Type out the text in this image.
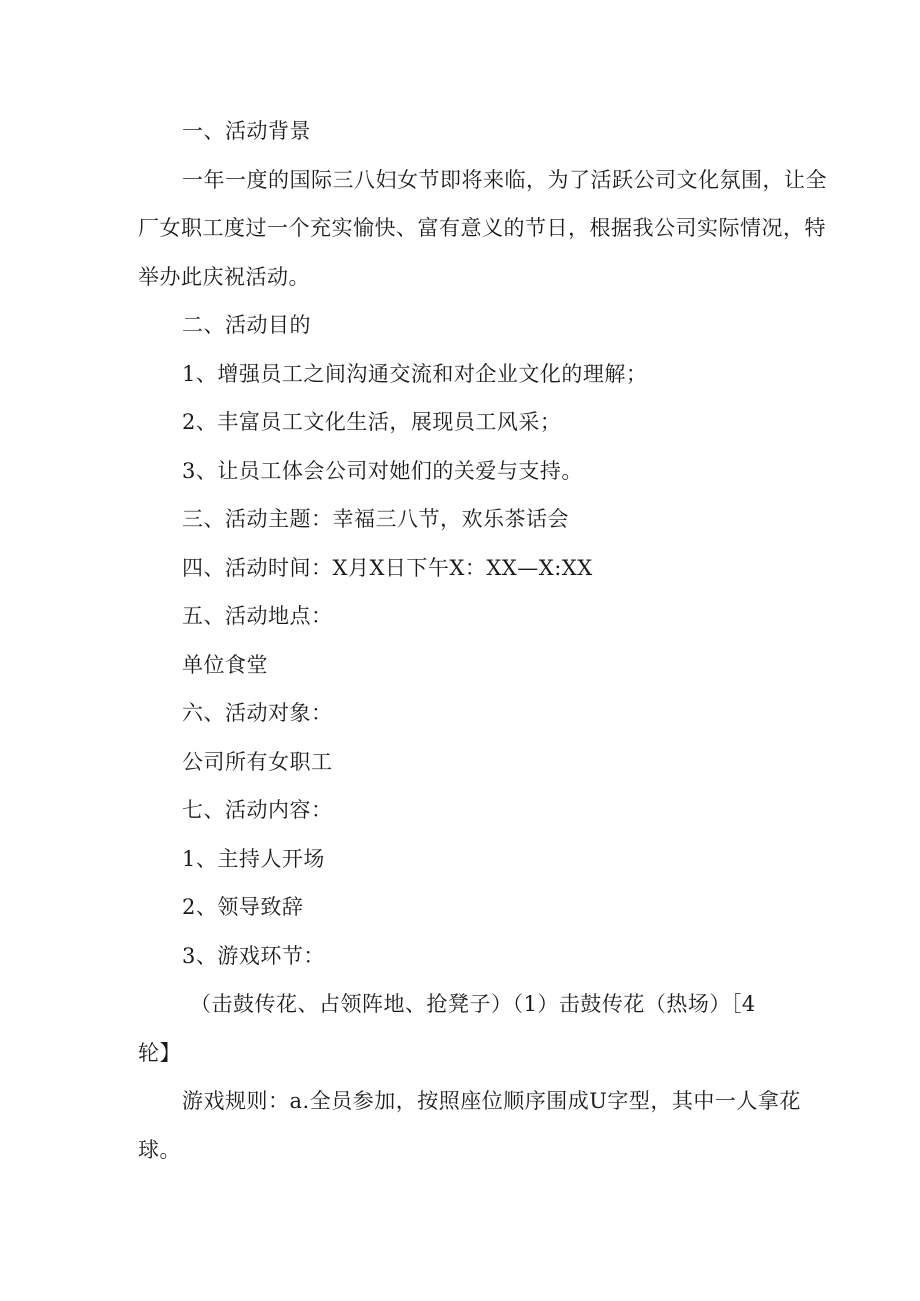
一、活动背景
一年一度的国际三八妇女节即将来临，为了活跃公司文化氛围，让全
厂女职工度过一个充实愉快、富有意义的节日，根据我公司实际情况，特
举办此庆祝活动。
二、活动目的
1、增强员工之间沟通交流和对企业文化的理解；
2、丰富员工文化生活，展现员工风采；
3、让员工体会公司对她们的关爱与支持。
三、活动主题：幸福三八节，欢乐茶话会
四、活动时间：X月X日下午X：XX—X:XX
五、活动地点：
单位食堂
六、活动对象：
公司所有女职工
七、活动内容：
1、主持人开场
2、领导致辞
3、游戏环节：
（击鼓传花、占领阵地、抢凳子）（1）击鼓传花（热场）［4
轮】
游戏规则：a.全员参加，按照座位顺序围成U字型，其中一人拿花
球。
